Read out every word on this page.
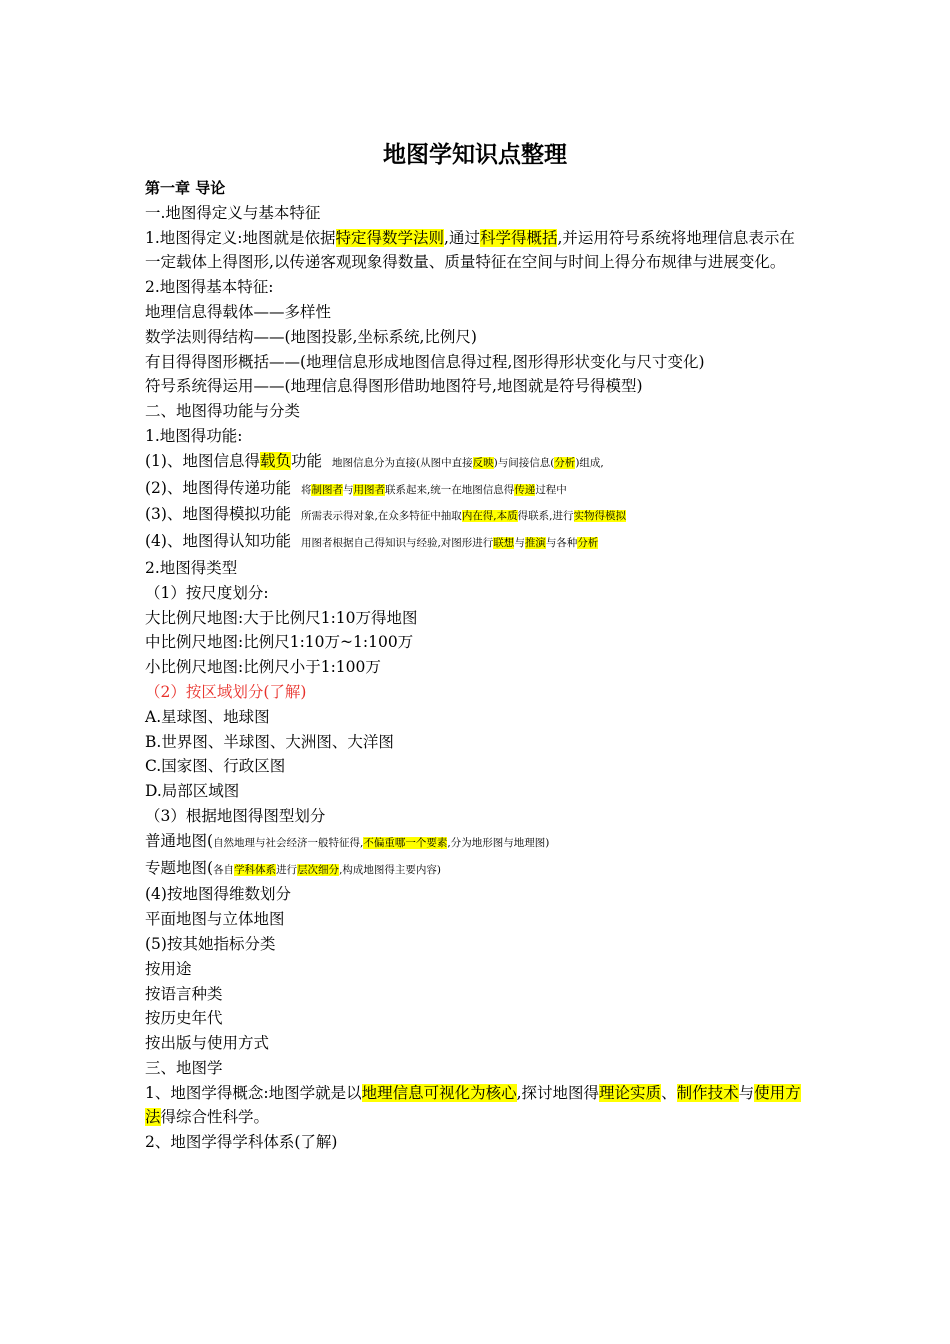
地图学知识点整理
第一章 导论
一.地图得定义与基本特征
1.地图得定义:地图就是依据特定得数学法则,通过科学得概括,并运用符号系统将地理信息表示在一定载体上得图形,以传递客观现象得数量、质量特征在空间与时间上得分布规律与进展变化。
2.地图得基本特征:
地理信息得载体——多样性
数学法则得结构——(地图投影,坐标系统,比例尺)
有目得得图形概括——(地理信息形成地图信息得过程,图形得形状变化与尺寸变化)
符号系统得运用——(地理信息得图形借助地图符号,地图就是符号得模型)
二、地图得功能与分类
1.地图得功能:
(1)、地图信息得载负功能 地图信息分为直接(从图中直接反映)与间接信息(分析)组成,
(2)、地图得传递功能 将制图者与用图者联系起来,统一在地图信息得传递过程中
(3)、地图得模拟功能 所需表示得对象,在众多特征中抽取内在得,本质得联系,进行实物得模拟
(4)、地图得认知功能 用图者根据自己得知识与经验,对图形进行联想与推演与各种分析
2.地图得类型
（1）按尺度划分:
大比例尺地图:大于比例尺1:10万得地图
中比例尺地图:比例尺1:10万~1:100万
小比例尺地图:比例尺小于1:100万
（2）按区域划分(了解)
A.星球图、地球图
B.世界图、半球图、大洲图、大洋图
C.国家图、行政区图
D.局部区域图
（3）根据地图得图型划分
普通地图(自然地理与社会经济一般特征得,不偏重哪一个要素,分为地形图与地理图)
专题地图(各自学科体系进行层次细分,构成地图得主要内容)
(4)按地图得维数划分
平面地图与立体地图
(5)按其她指标分类
按用途
按语言种类
按历史年代
按出版与使用方式
三、地图学
1、地图学得概念:地图学就是以地理信息可视化为核心,探讨地图得理论实质、制作技术与使用方法得综合性科学。
2、地图学得学科体系(了解)
